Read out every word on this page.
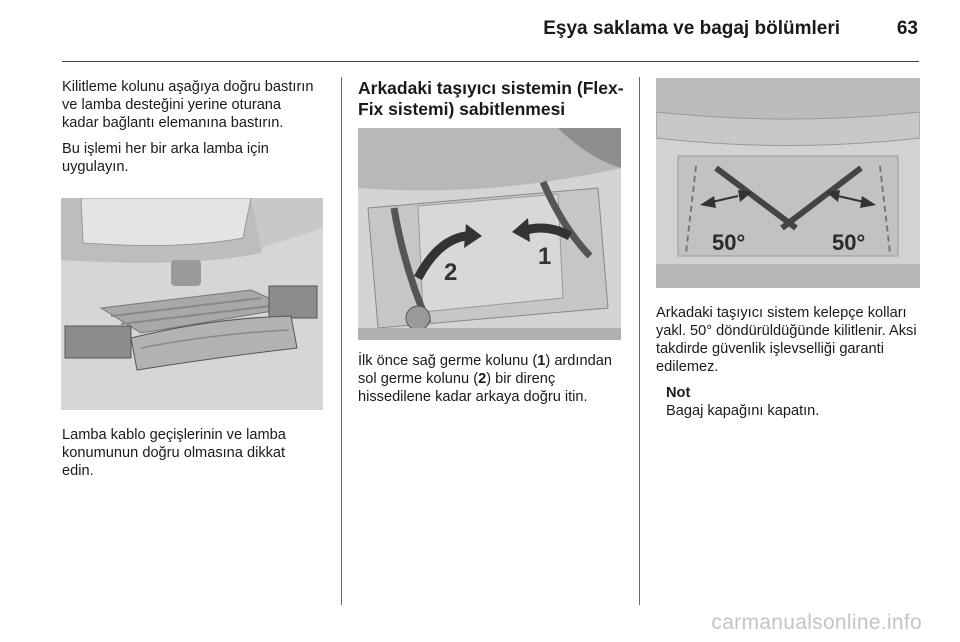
Eşya saklama ve bagaj bölümleri	63

Kilitleme kolunu aşağıya doğru bastırın ve lamba desteğini yerine oturana kadar bağlantı elemanına bastırın.

Bu işlemi her bir arka lamba için uygulayın.

Lamba kablo geçişlerinin ve lamba konumunun doğru olmasına dikkat edin.

Arkadaki taşıyıcı sistemin (Flex-Fix sistemi) sabitlenmesi
2
1

İlk önce sağ germe kolunu (1) ardından sol germe kolunu (2) bir direnç hissedilene kadar arkaya doğru itin.

50°	50°

Arkadaki taşıyıcı sistem kelepçe kolları yakl. 50° döndürüldüğünde kilitlenir. Aksi takdirde güvenlik işlevselliği garanti edilemez.

Not
Bagaj kapağını kapatın.
carmanualsonline.info
